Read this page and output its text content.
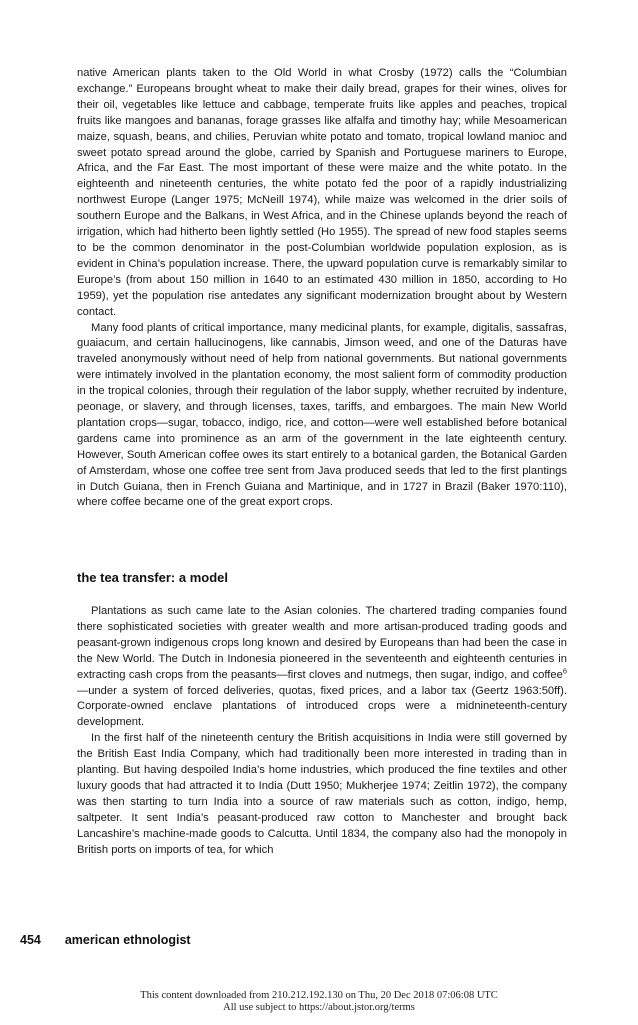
native American plants taken to the Old World in what Crosby (1972) calls the “Columbian exchange.” Europeans brought wheat to make their daily bread, grapes for their wines, olives for their oil, vegetables like lettuce and cabbage, temperate fruits like apples and peaches, tropical fruits like mangoes and bananas, forage grasses like alfalfa and timothy hay; while Mesoamerican maize, squash, beans, and chilies, Peruvian white potato and tomato, tropical lowland manioc and sweet potato spread around the globe, carried by Spanish and Portuguese mariners to Europe, Africa, and the Far East. The most important of these were maize and the white potato. In the eighteenth and nineteenth centuries, the white potato fed the poor of a rapidly industrializing northwest Europe (Langer 1975; McNeill 1974), while maize was welcomed in the drier soils of southern Europe and the Balkans, in West Africa, and in the Chinese uplands beyond the reach of irrigation, which had hitherto been lightly settled (Ho 1955). The spread of new food staples seems to be the common denominator in the post-Columbian worldwide population explosion, as is evident in China’s population increase. There, the upward population curve is remarkably similar to Europe’s (from about 150 million in 1640 to an estimated 430 million in 1850, according to Ho 1959), yet the population rise antedates any significant modernization brought about by Western contact.

Many food plants of critical importance, many medicinal plants, for example, digitalis, sassafras, guaiacum, and certain hallucinogens, like cannabis, Jimson weed, and one of the Daturas have traveled anonymously without need of help from national governments. But national governments were intimately involved in the plantation economy, the most salient form of commodity production in the tropical colonies, through their regulation of the labor supply, whether recruited by indenture, peonage, or slavery, and through licenses, taxes, tariffs, and embargoes. The main New World plantation crops—sugar, tobacco, indigo, rice, and cotton—were well established before botanical gardens came into prominence as an arm of the government in the late eighteenth century. However, South American coffee owes its start entirely to a botanical garden, the Botanical Garden of Amsterdam, whose one coffee tree sent from Java produced seeds that led to the first plantings in Dutch Guiana, then in French Guiana and Martinique, and in 1727 in Brazil (Baker 1970:110), where coffee became one of the great export crops.

the tea transfer: a model

Plantations as such came late to the Asian colonies. The chartered trading companies found there sophisticated societies with greater wealth and more artisan-produced trading goods and peasant-grown indigenous crops long known and desired by Europeans than had been the case in the New World. The Dutch in Indonesia pioneered in the seventeenth and eighteenth centuries in extracting cash crops from the peasants—first cloves and nutmegs, then sugar, indigo, and coffee$^6$—under a system of forced deliveries, quotas, fixed prices, and a labor tax (Geertz 1963:50ff). Corporate-owned enclave plantations of introduced crops were a midnineteenth-century development.

In the first half of the nineteenth century the British acquisitions in India were still governed by the British East India Company, which had traditionally been more interested in trading than in planting. But having despoiled India’s home industries, which produced the fine textiles and other luxury goods that had attracted it to India (Dutt 1950; Mukherjee 1974; Zeitlin 1972), the company was then starting to turn India into a source of raw materials such as cotton, indigo, hemp, saltpeter. It sent India’s peasant-produced raw cotton to Manchester and brought back Lancashire’s machine-made goods to Calcutta. Until 1834, the company also had the monopoly in British ports on imports of tea, for which

454 american ethnologist
This content downloaded from 210.212.192.130 on Thu, 20 Dec 2018 07:06:08 UTC
All use subject to https://about.jstor.org/terms
